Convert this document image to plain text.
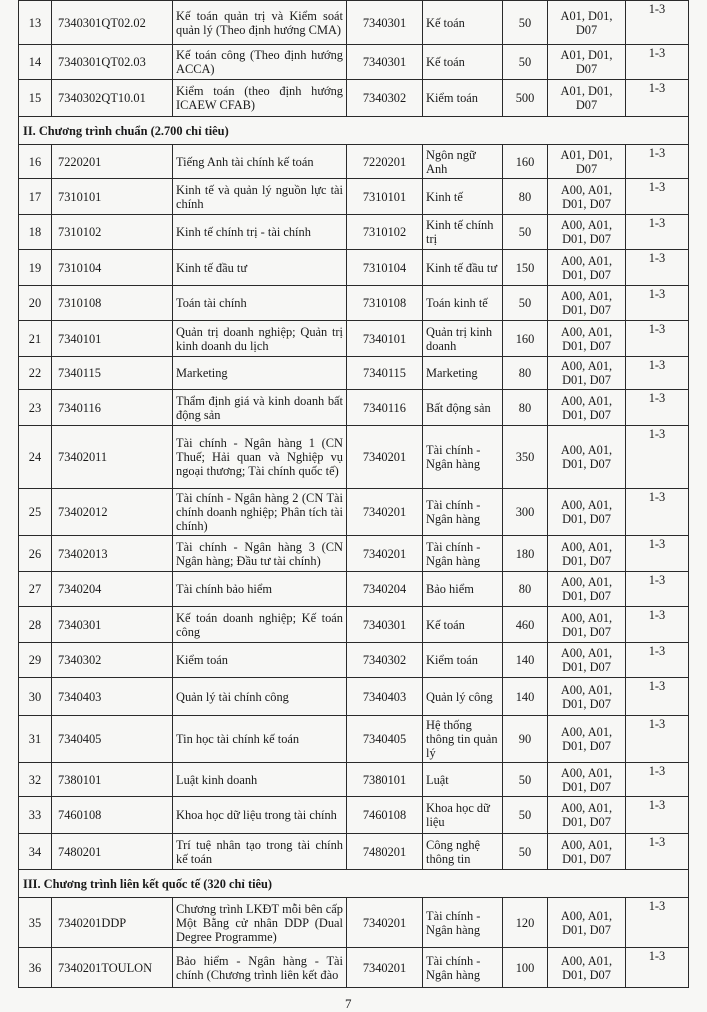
13	7340301QT02.02	Kế toán quản trị và Kiểm soát quản lý (Theo định hướng CMA)	7340301	Kế toán	50	A01, D01, D07	1-3
14	7340301QT02.03	Kế toán công (Theo định hướng ACCA)	7340301	Kế toán	50	A01, D01, D07	1-3
15	7340302QT10.01	Kiểm toán (theo định hướng ICAEW CFAB)	7340302	Kiểm toán	500	A01, D01, D07	1-3
II. Chương trình chuẩn (2.700 chỉ tiêu)							
16	7220201	Tiếng Anh tài chính kế toán	7220201	Ngôn ngữ Anh	160	A01, D01, D07	1-3
17	7310101	Kinh tế và quản lý nguồn lực tài chính	7310101	Kinh tế	80	A00, A01, D01, D07	1-3
18	7310102	Kinh tế chính trị - tài chính	7310102	Kinh tế chính trị	50	A00, A01, D01, D07	1-3
19	7310104	Kinh tế đầu tư	7310104	Kinh tế đầu tư	150	A00, A01, D01, D07	1-3
20	7310108	Toán tài chính	7310108	Toán kinh tế	50	A00, A01, D01, D07	1-3
21	7340101	Quản trị doanh nghiệp; Quản trị kinh doanh du lịch	7340101	Quản trị kinh doanh	160	A00, A01, D01, D07	1-3
22	7340115	Marketing	7340115	Marketing	80	A00, A01, D01, D07	1-3
23	7340116	Thẩm định giá và kinh doanh bất động sản	7340116	Bất động sản	80	A00, A01, D01, D07	1-3
24	73402011	Tài chính - Ngân hàng 1 (CN Thuế; Hải quan và Nghiệp vụ ngoại thương; Tài chính quốc tế)	7340201	Tài chính - Ngân hàng	350	A00, A01, D01, D07	1-3
25	73402012	Tài chính - Ngân hàng 2 (CN Tài chính doanh nghiệp; Phân tích tài chính)	7340201	Tài chính - Ngân hàng	300	A00, A01, D01, D07	1-3
26	73402013	Tài chính - Ngân hàng 3 (CN Ngân hàng; Đầu tư tài chính)	7340201	Tài chính - Ngân hàng	180	A00, A01, D01, D07	1-3
27	7340204	Tài chính bảo hiểm	7340204	Bảo hiểm	80	A00, A01, D01, D07	1-3
28	7340301	Kế toán doanh nghiệp; Kế toán công	7340301	Kế toán	460	A00, A01, D01, D07	1-3
29	7340302	Kiểm toán	7340302	Kiểm toán	140	A00, A01, D01, D07	1-3
30	7340403	Quản lý tài chính công	7340403	Quản lý công	140	A00, A01, D01, D07	1-3
31	7340405	Tin học tài chính kế toán	7340405	Hệ thống thông tin quản lý	90	A00, A01, D01, D07	1-3
32	7380101	Luật kinh doanh	7380101	Luật	50	A00, A01, D01, D07	1-3
33	7460108	Khoa học dữ liệu trong tài chính	7460108	Khoa học dữ liệu	50	A00, A01, D01, D07	1-3
34	7480201	Trí tuệ nhân tạo trong tài chính kế toán	7480201	Công nghệ thông tin	50	A00, A01, D01, D07	1-3
III. Chương trình liên kết quốc tế (320 chỉ tiêu)							
35	7340201DDP	Chương trình LKĐT mỗi bên cấp Một Bằng cử nhân DDP (Dual Degree Programme)	7340201	Tài chính - Ngân hàng	120	A00, A01, D01, D07	1-3
36	7340201TOULON	Bảo hiểm - Ngân hàng - Tài chính (Chương trình liên kết đào	7340201	Tài chính - Ngân hàng	100	A00, A01, D01, D07	1-3
7
